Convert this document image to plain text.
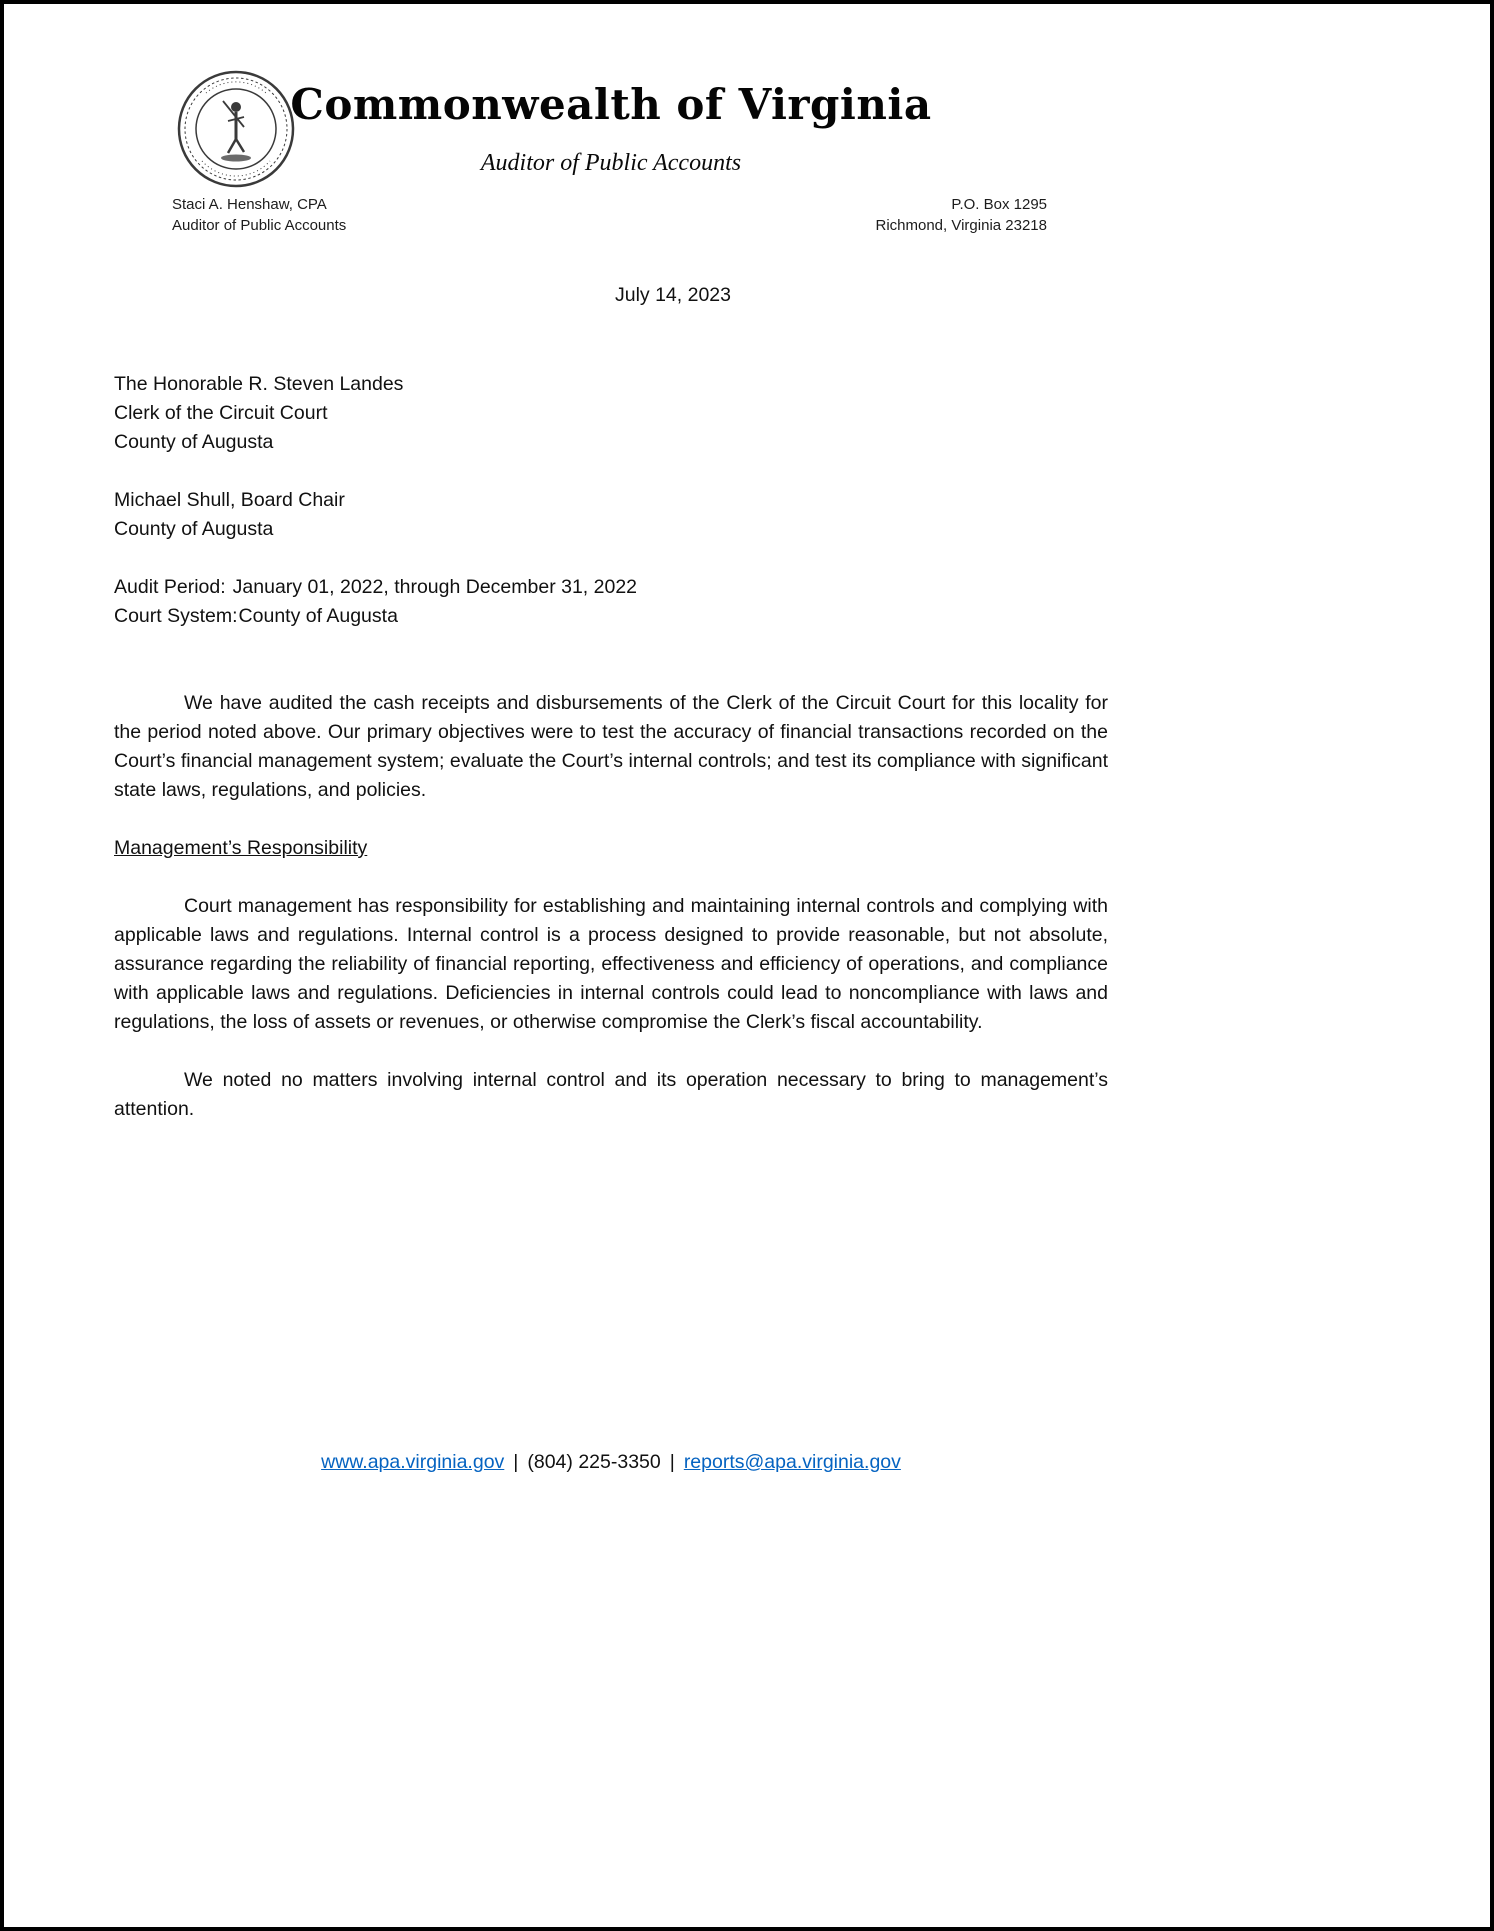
Commonwealth of Virginia
Auditor of Public Accounts
Staci A. Henshaw, CPA
Auditor of Public Accounts
P.O. Box 1295
Richmond, Virginia 23218
July 14, 2023
The Honorable R. Steven Landes
Clerk of the Circuit Court
County of Augusta
Michael Shull, Board Chair
County of Augusta
Audit Period: January 01, 2022, through December 31, 2022
Court System:County of Augusta

We have audited the cash receipts and disbursements of the Clerk of the Circuit Court for this locality for the period noted above. Our primary objectives were to test the accuracy of financial transactions recorded on the Court’s financial management system; evaluate the Court’s internal controls; and test its compliance with significant state laws, regulations, and policies.

Management’s Responsibility

Court management has responsibility for establishing and maintaining internal controls and complying with applicable laws and regulations. Internal control is a process designed to provide reasonable, but not absolute, assurance regarding the reliability of financial reporting, effectiveness and efficiency of operations, and compliance with applicable laws and regulations. Deficiencies in internal controls could lead to noncompliance with laws and regulations, the loss of assets or revenues, or otherwise compromise the Clerk’s fiscal accountability.

We noted no matters involving internal control and its operation necessary to bring to management’s attention.

www.apa.virginia.gov | (804) 225-3350 | reports@apa.virginia.gov
